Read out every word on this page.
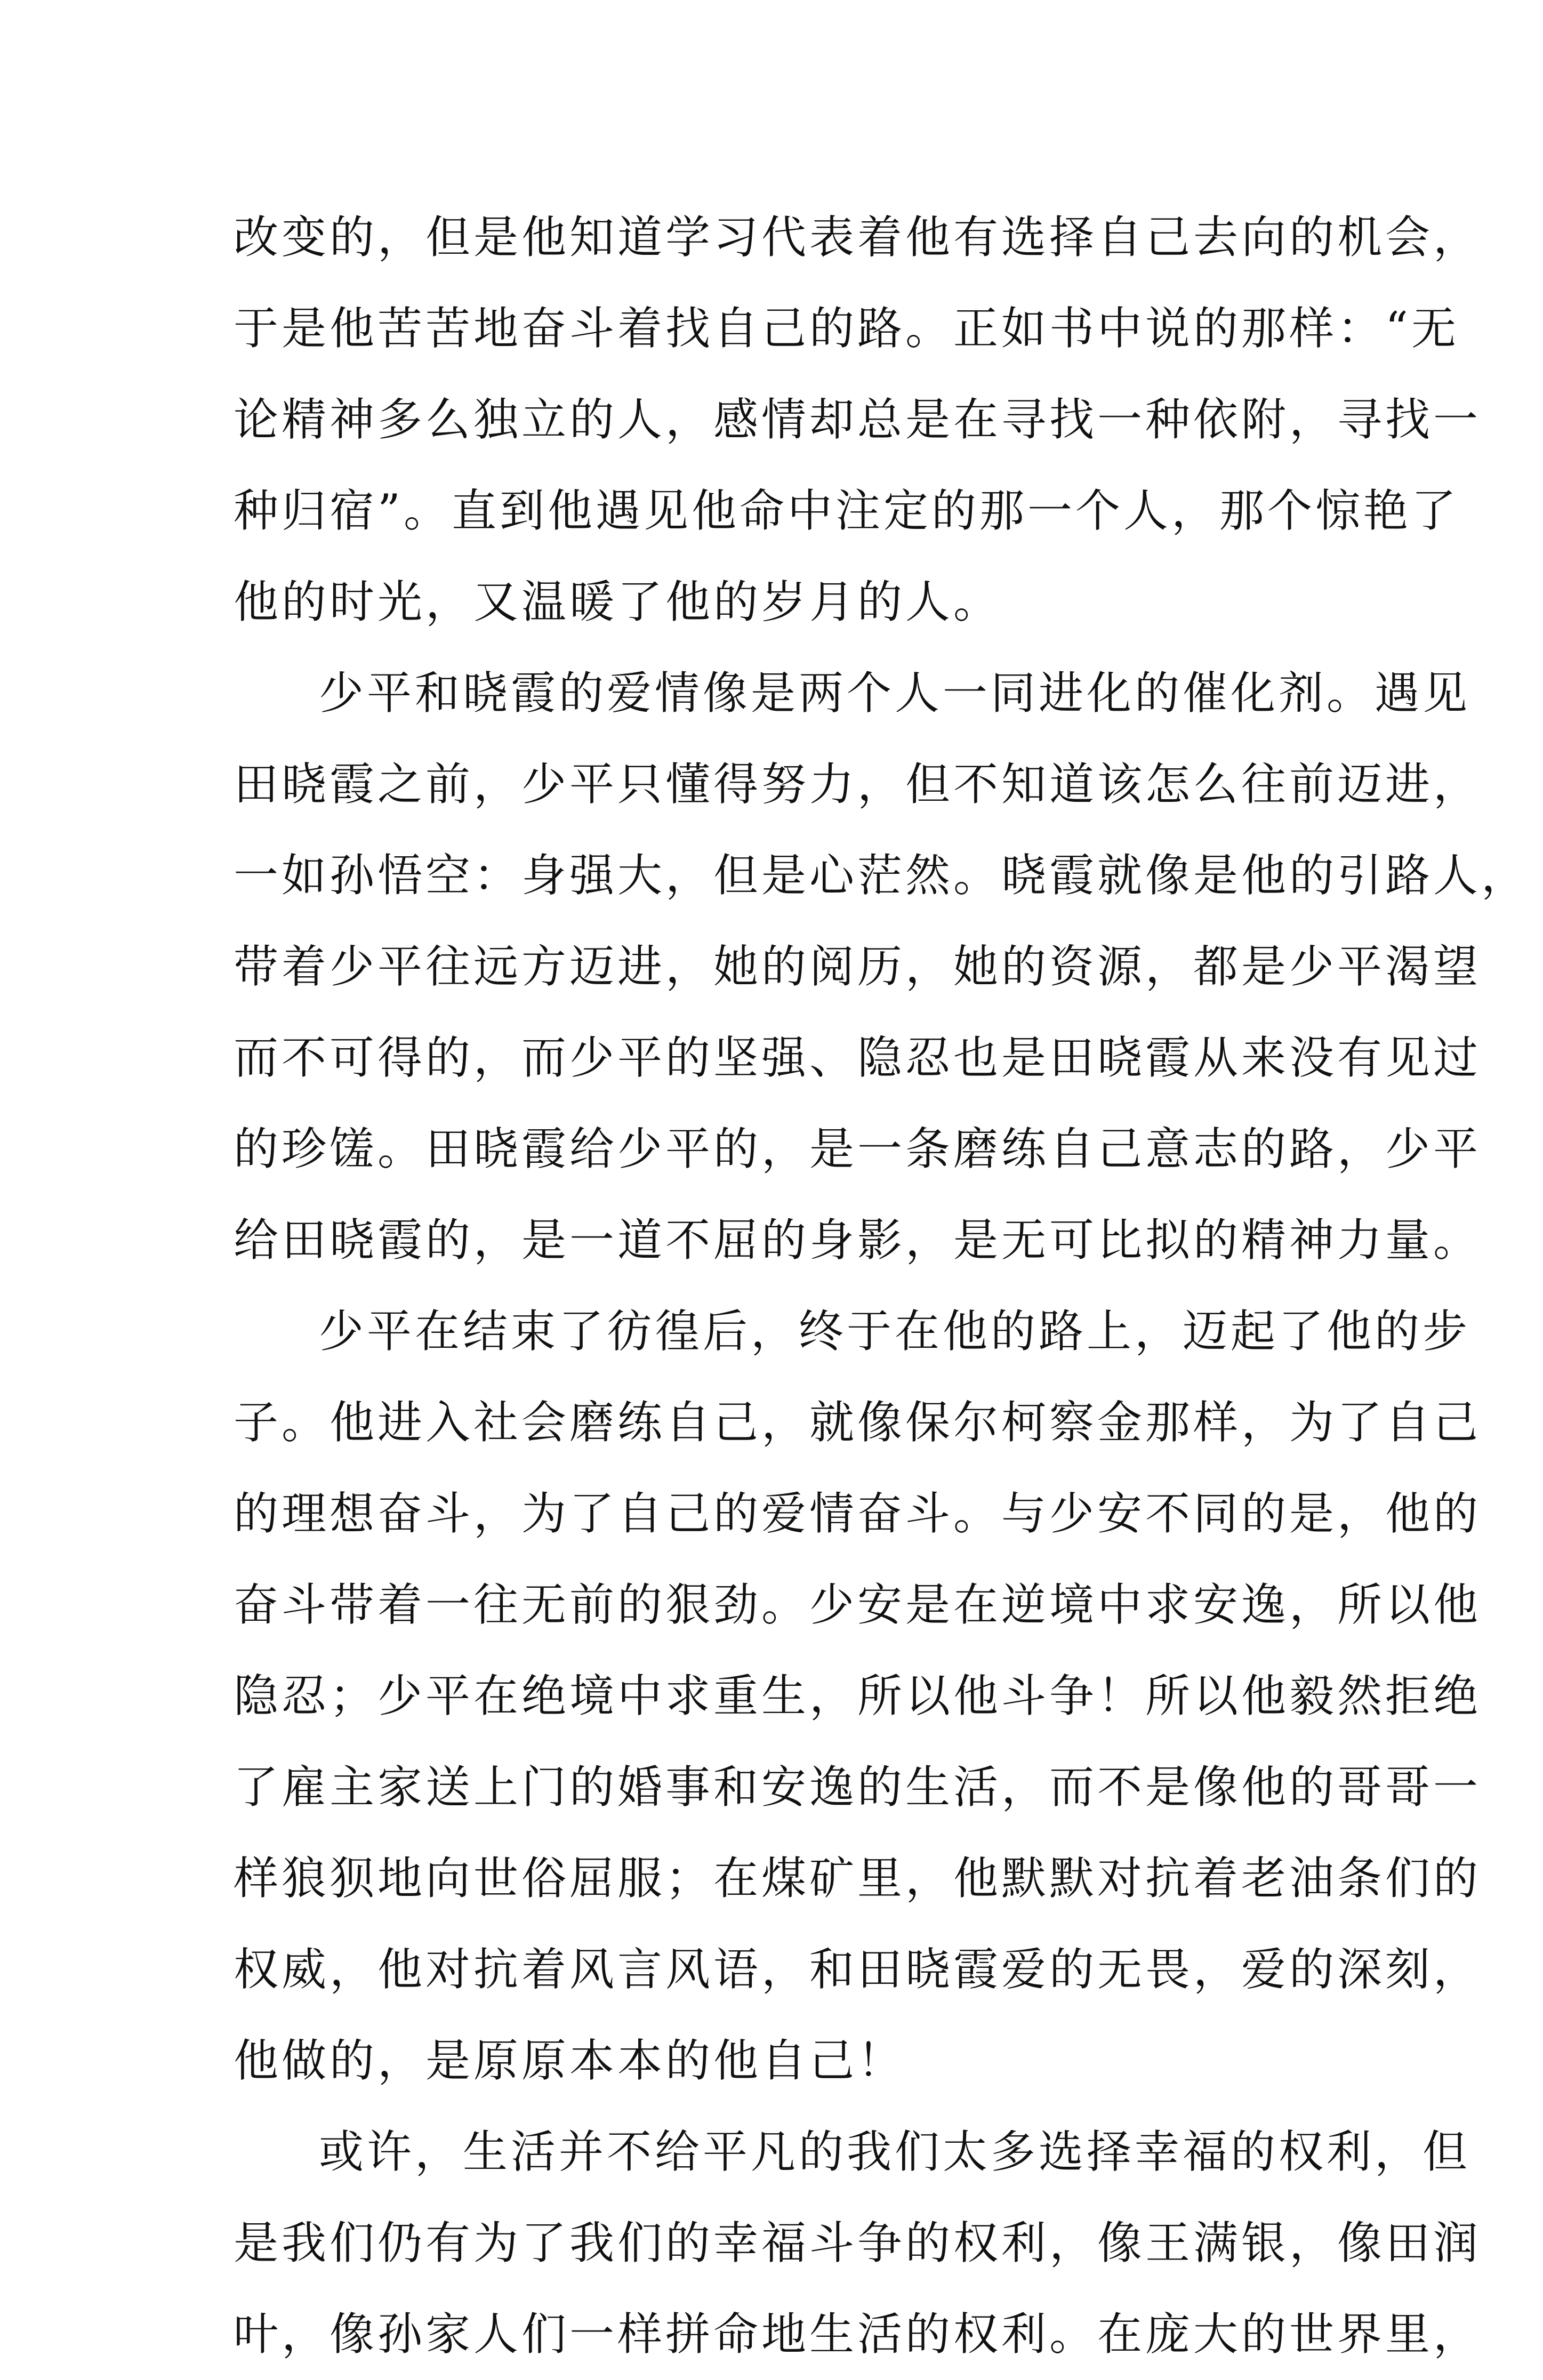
改变的，但是他知道学习代表着他有选择自己去向的机会，
于是他苦苦地奋斗着找自己的路。正如书中说的那样：“无
论精神多么独立的人，感情却总是在寻找一种依附，寻找一
种归宿”。直到他遇见他命中注定的那一个人，那个惊艳了
他的时光，又温暖了他的岁月的人。
少平和晓霞的爱情像是两个人一同进化的催化剂。遇见
田晓霞之前，少平只懂得努力，但不知道该怎么往前迈进，
一如孙悟空：身强大，但是心茫然。晓霞就像是他的引路人，
带着少平往远方迈进，她的阅历，她的资源，都是少平渴望
而不可得的，而少平的坚强、隐忍也是田晓霞从来没有见过
的珍馐。田晓霞给少平的，是一条磨练自己意志的路，少平
给田晓霞的，是一道不屈的身影，是无可比拟的精神力量。
少平在结束了彷徨后，终于在他的路上，迈起了他的步
子。他进入社会磨练自己，就像保尔柯察金那样，为了自己
的理想奋斗，为了自己的爱情奋斗。与少安不同的是，他的
奋斗带着一往无前的狠劲。少安是在逆境中求安逸，所以他
隐忍；少平在绝境中求重生，所以他斗争！所以他毅然拒绝
了雇主家送上门的婚事和安逸的生活，而不是像他的哥哥一
样狼狈地向世俗屈服；在煤矿里，他默默对抗着老油条们的
权威，他对抗着风言风语，和田晓霞爱的无畏，爱的深刻，
他做的，是原原本本的他自己！
或许，生活并不给平凡的我们太多选择幸福的权利，但
是我们仍有为了我们的幸福斗争的权利，像王满银，像田润
叶，像孙家人们一样拼命地生活的权利。在庞大的世界里，
